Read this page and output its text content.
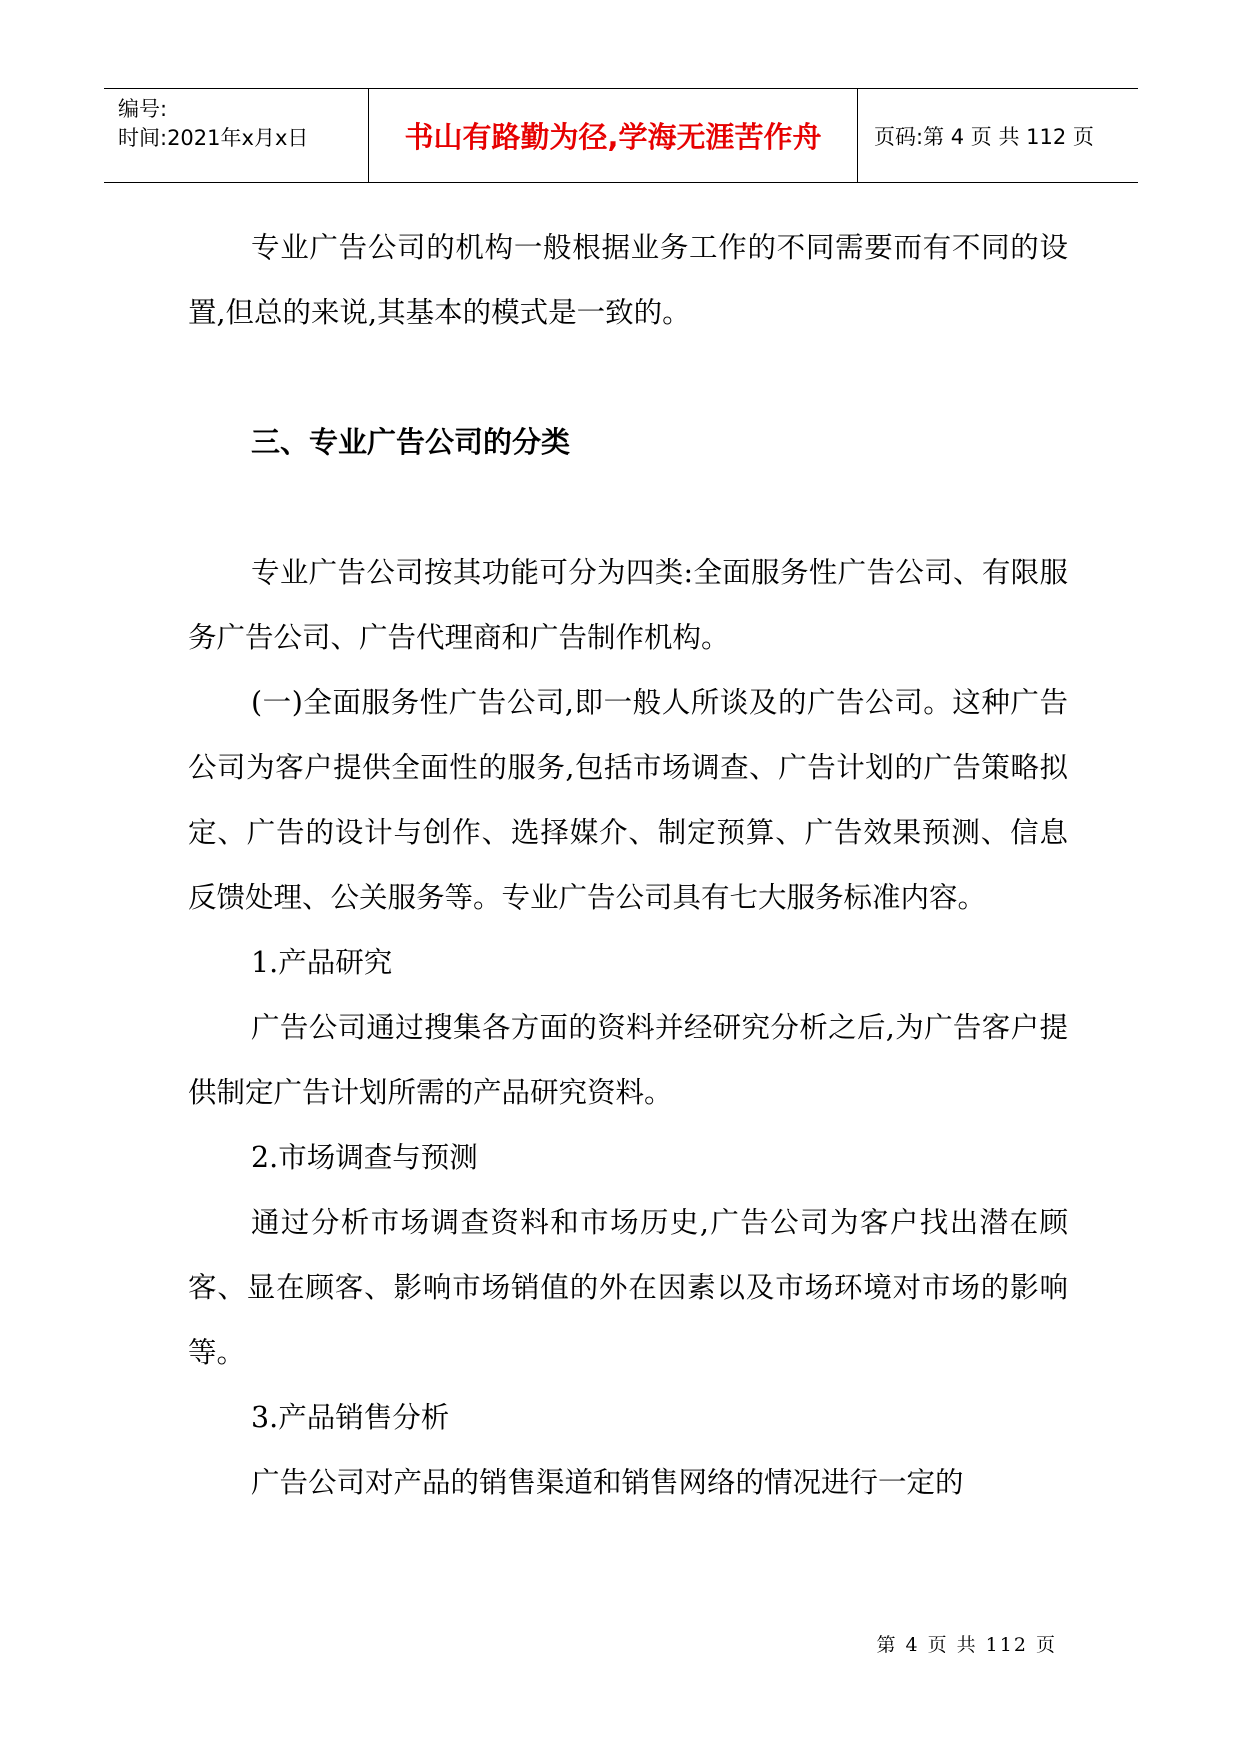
编号:
时间:2021年x月x日	书山有路勤为径,学海无涯苦作舟	页码:第 4 页 共 112 页

专业广告公司的机构一般根据业务工作的不同需要而有不同的设置,但总的来说,其基本的模式是一致的。

三、专业广告公司的分类

专业广告公司按其功能可分为四类:全面服务性广告公司、有限服务广告公司、广告代理商和广告制作机构。

(一)全面服务性广告公司,即一般人所谈及的广告公司。这种广告公司为客户提供全面性的服务,包括市场调查、广告计划的广告策略拟定、广告的设计与创作、选择媒介、制定预算、广告效果预测、信息反馈处理、公关服务等。专业广告公司具有七大服务标准内容。

1.产品研究

广告公司通过搜集各方面的资料并经研究分析之后,为广告客户提供制定广告计划所需的产品研究资料。

2.市场调查与预测

通过分析市场调查资料和市场历史,广告公司为客户找出潜在顾客、显在顾客、影响市场销值的外在因素以及市场环境对市场的影响等。

3.产品销售分析

广告公司对产品的销售渠道和销售网络的情况进行一定的

第 4 页 共 112 页
